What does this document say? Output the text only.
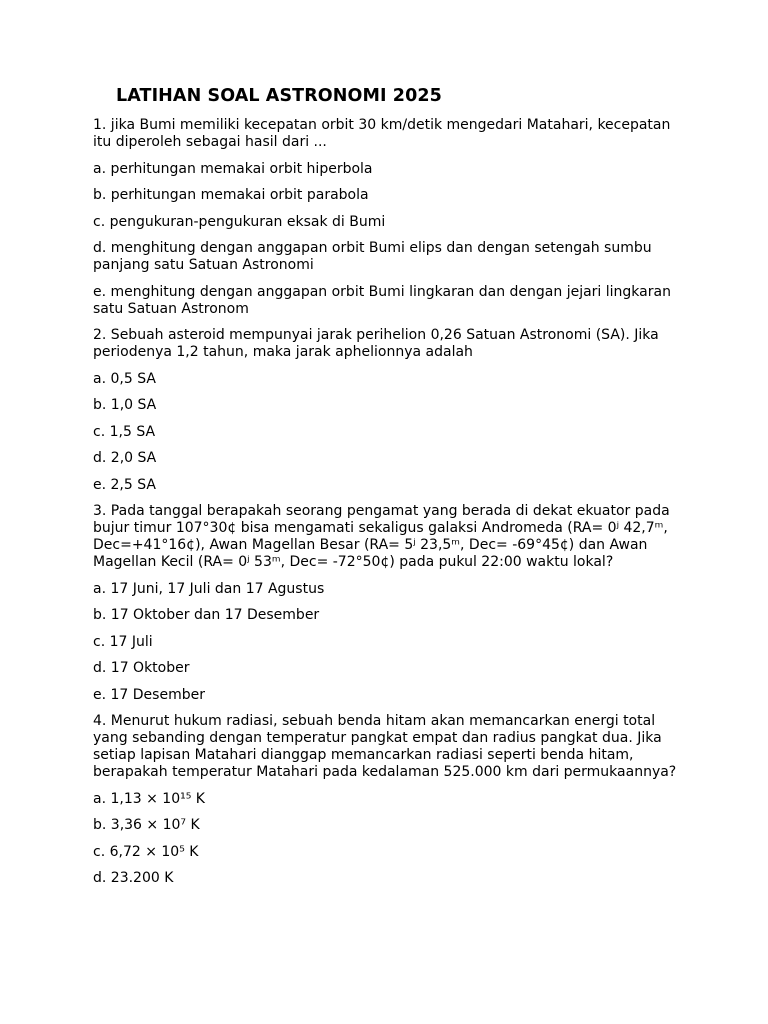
LATIHAN SOAL ASTRONOMI 2025

1. jika Bumi memiliki kecepatan orbit 30 km/detik mengedari Matahari, kecepatan itu diperoleh sebagai hasil dari ...

a. perhitungan memakai orbit hiperbola

b. perhitungan memakai orbit parabola

c. pengukuran-pengukuran eksak di Bumi

d. menghitung dengan anggapan orbit Bumi elips dan dengan setengah sumbu panjang satu Satuan Astronomi

e. menghitung dengan anggapan orbit Bumi lingkaran dan dengan jejari lingkaran satu Satuan Astronom

2. Sebuah asteroid mempunyai jarak perihelion 0,26 Satuan Astronomi (SA). Jika periodenya 1,2 tahun, maka jarak aphelionnya adalah

a. 0,5 SA

b. 1,0 SA

c. 1,5 SA

d. 2,0 SA

e. 2,5 SA

3. Pada tanggal berapakah seorang pengamat yang berada di dekat ekuator pada bujur timur 107°30¢ bisa mengamati sekaligus galaksi Andromeda (RA= 0ʲ 42,7ᵐ, Dec=+41°16¢), Awan Magellan Besar (RA= 5ʲ 23,5ᵐ, Dec= -69°45¢) dan Awan Magellan Kecil (RA= 0ʲ 53ᵐ, Dec= -72°50¢) pada pukul 22:00 waktu lokal?

a. 17 Juni, 17 Juli dan 17 Agustus

b. 17 Oktober dan 17 Desember

c. 17 Juli

d. 17 Oktober

e. 17 Desember

4. Menurut hukum radiasi, sebuah benda hitam akan memancarkan energi total yang sebanding dengan temperatur pangkat empat dan radius pangkat dua. Jika setiap lapisan Matahari dianggap memancarkan radiasi seperti benda hitam, berapakah temperatur Matahari pada kedalaman 525.000 km dari permukaannya?

a. 1,13 × 10¹⁵ K

b. 3,36 × 10⁷ K

c. 6,72 × 10⁵ K

d. 23.200 K
